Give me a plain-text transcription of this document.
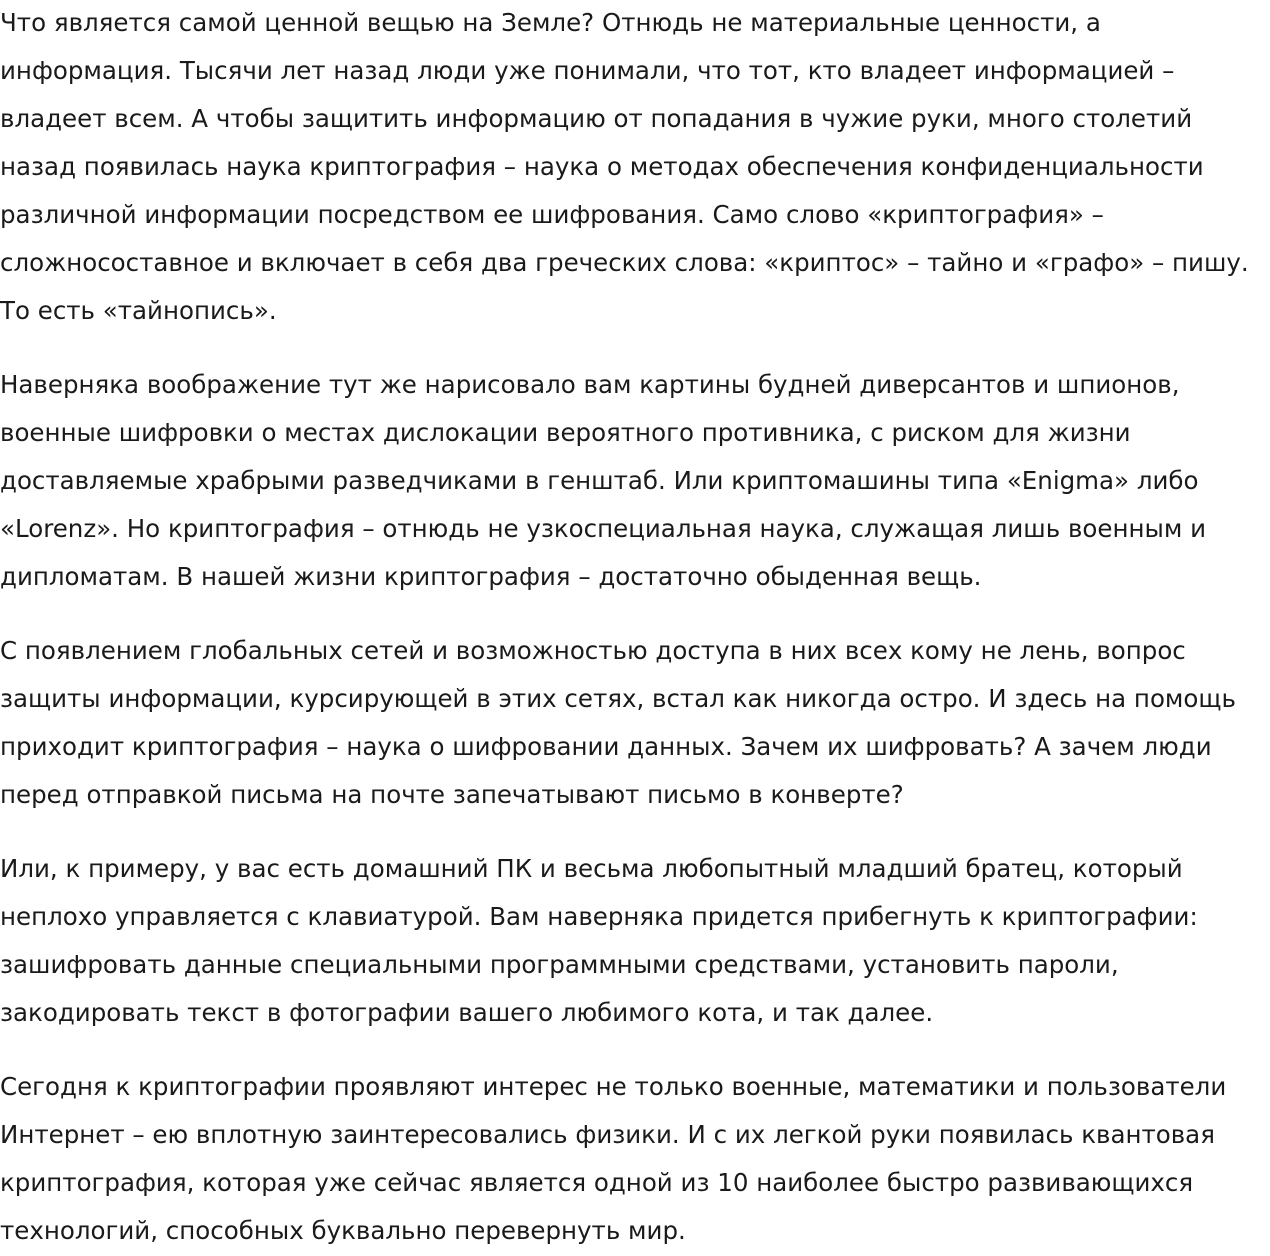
Что является самой ценной вещью на Земле? Отнюдь не материальные ценности, а информация. Тысячи лет назад люди уже понимали, что тот, кто владеет информацией – владеет всем. А чтобы защитить информацию от попадания в чужие руки, много столетий назад появилась наука криптография – наука о методах обеспечения конфиденциальности различной информации посредством ее шифрования. Само слово «криптография» – сложносоставное и включает в себя два греческих слова: «криптос» – тайно и «графо» – пишу. То есть «тайнопись».

Наверняка воображение тут же нарисовало вам картины будней диверсантов и шпионов, военные шифровки о местах дислокации вероятного противника, с риском для жизни доставляемые храбрыми разведчиками в генштаб. Или криптомашины типа «Enigma» либо «Lorenz». Но криптография – отнюдь не узкоспециальная наука, служащая лишь военным и дипломатам. В нашей жизни криптография – достаточно обыденная вещь.

С появлением глобальных сетей и возможностью доступа в них всех кому не лень, вопрос защиты информации, курсирующей в этих сетях, встал как никогда остро. И здесь на помощь приходит криптография – наука о шифровании данных. Зачем их шифровать? А зачем люди перед отправкой письма на почте запечатывают письмо в конверте?

Или, к примеру, у вас есть домашний ПК и весьма любопытный младший братец, который неплохо управляется с клавиатурой. Вам наверняка придется прибегнуть к криптографии: зашифровать данные специальными программными средствами, установить пароли, закодировать текст в фотографии вашего любимого кота, и так далее.

Сегодня к криптографии проявляют интерес не только военные, математики и пользователи Интернет – ею вплотную заинтересовались физики. И с их легкой руки появилась квантовая криптография, которая уже сейчас является одной из 10 наиболее быстро развивающихся технологий, способных буквально перевернуть мир.
